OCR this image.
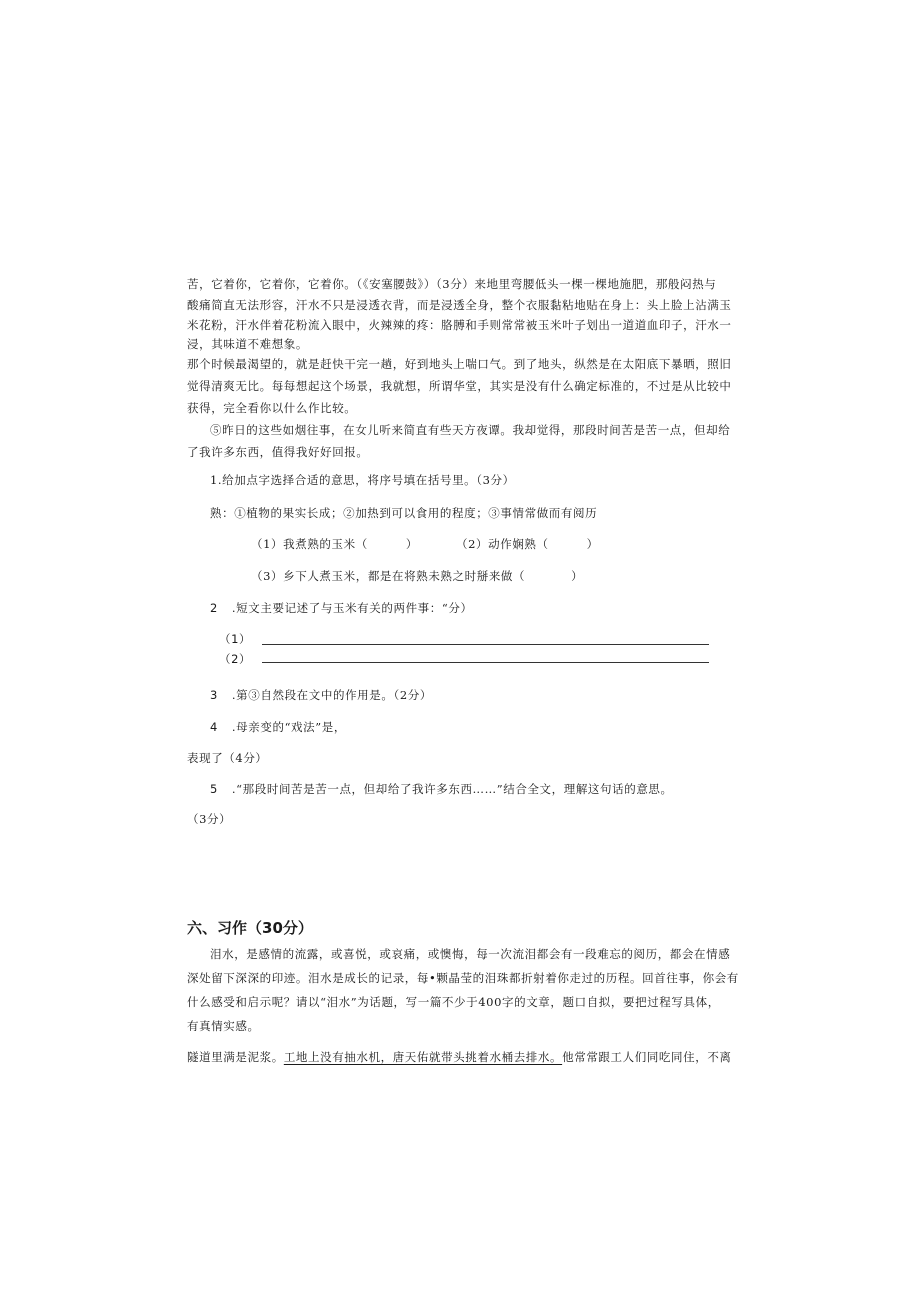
苦，它着你，它着你，它着你。（《安塞腰鼓》）（3分）来地里弯腰低头一棵一棵地施肥，那般闷热与
酸痛简直无法形容，汗水不只是浸透衣背，而是浸透全身，整个衣服黏粘地贴在身上：头上脸上沾满玉
米花粉，汗水伴着花粉流入眼中，火辣辣的疼：胳膊和手则常常被玉米叶子划出一道道血印子，汗水一
浸，其味道不难想象。
那个时候最渴望的，就是赶快干完一趟，好到地头上喘口气。到了地头，纵然是在太阳底下暴晒，照旧
觉得清爽无比。每每想起这个场景，我就想，所谓华堂，其实是没有什么确定标准的，不过是从比较中
获得，完全看你以什么作比较。
⑤昨日的这些如烟往事，在女儿听来简直有些天方夜谭。我却觉得，那段时间苦是苦一点，但却给
了我许多东西，值得我好好回报。
1.给加点字选择合适的意思，将序号填在括号里。（3分）
熟：①植物的果实长成；②加热到可以食用的程度；③事情常做而有阅历
（1）我煮熟的玉米（	）	（2）动作娴熟（	）
（3）乡下人煮玉米，都是在将熟未熟之时掰来做（	）
2 .短文主要记述了与玉米有关的两件事：“分）
（1）
（2）
3 .第③自然段在文中的作用是。（2分）
4 .母亲变的“戏法”是，
表现了（4分）
5 .“那段时间苦是苦一点，但却给了我许多东西……”结合全文，理解这句话的意思。
（3分）
六、习作（30分）
泪水，是感情的流露，或喜悦，或哀痛，或懊悔，每一次流泪都会有一段难忘的阅历，都会在情感
深处留下深深的印迹。泪水是成长的记录，每•颗晶莹的泪珠都折射着你走过的历程。回首往事，你会有
什么感受和启示呢？请以“泪水”为话题，写一篇不少于400字的文章，题口自拟，要把过程写具体，
有真情实感。
隧道里满是泥浆。工地上没有抽水机，唐天佑就带头挑着水桶去排水。他常常跟工人们同吃同住，不离
